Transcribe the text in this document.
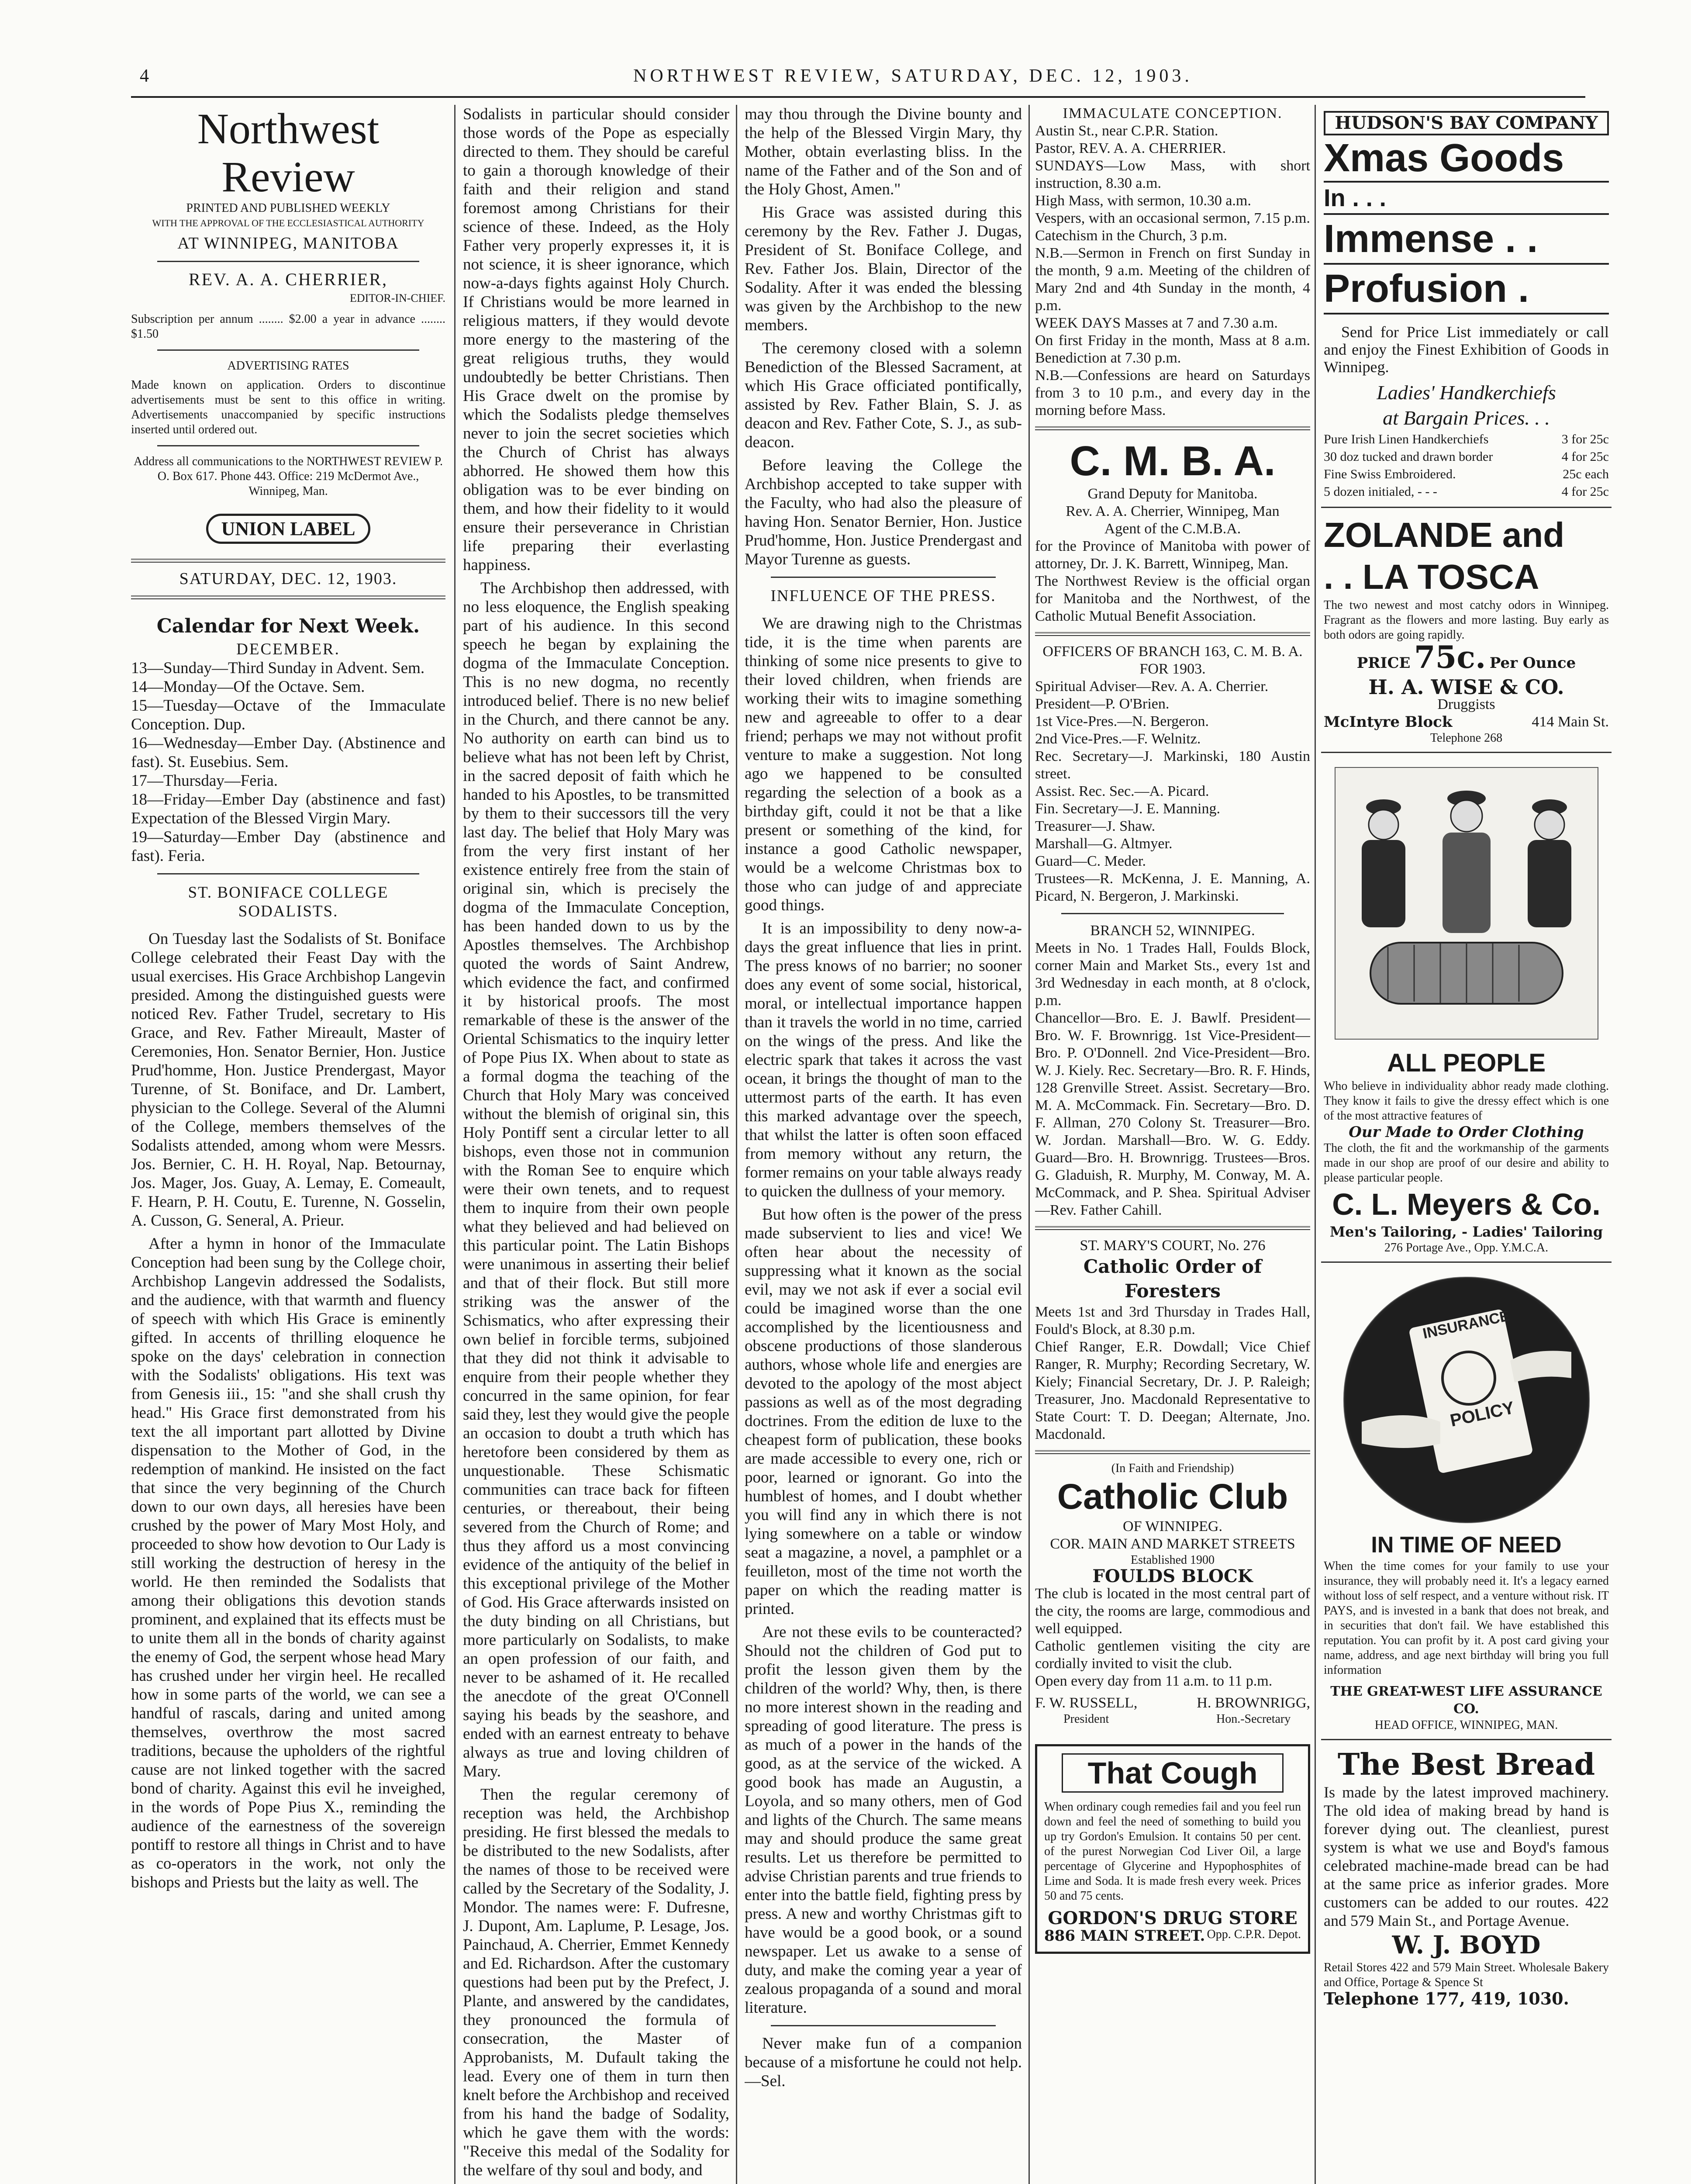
4	NORTHWEST REVIEW, SATURDAY, DEC. 12, 1903.
Northwest Review
PRINTED AND PUBLISHED WEEKLY
WITH THE APPROVAL OF THE ECCLESIASTICAL AUTHORITY
AT WINNIPEG, MANITOBA
REV. A. A. CHERRIER,
EDITOR-IN-CHIEF.
Subscription per annum ........ $2.00 a year in advance ........ $1.50
ADVERTISING RATES
Made known on application. Orders to discontinue advertisements must be sent to this office in writing. Advertisements unaccompanied by specific instructions inserted until ordered out.
Address all communications to the NORTHWEST REVIEW P. O. Box 617. Phone 443. Office: 219 McDermot Ave., Winnipeg, Man.
UNION LABEL
SATURDAY, DEC. 12, 1903.
Calendar for Next Week.
DECEMBER.
13—Sunday—Third Sunday in Advent. Sem.
14—Monday—Of the Octave. Sem.
15—Tuesday—Octave of the Immaculate Conception. Dup.
16—Wednesday—Ember Day. (Abstinence and fast). St. Eusebius. Sem.
17—Thursday—Feria.
18—Friday—Ember Day (abstinence and fast) Expectation of the Blessed Virgin Mary.
19—Saturday—Ember Day (abstinence and fast). Feria.
ST. BONIFACE COLLEGE SODALISTS.

On Tuesday last the Sodalists of St. Boniface College celebrated their Feast Day with the usual exercises. His Grace Archbishop Langevin presided. Among the distinguished guests were noticed Rev. Father Trudel, secretary to His Grace, and Rev. Father Mireault, Master of Ceremonies, Hon. Senator Bernier, Hon. Justice Prud'homme, Hon. Justice Prendergast, Mayor Turenne, of St. Boniface, and Dr. Lambert, physician to the College. Several of the Alumni of the College, members themselves of the Sodalists attended, among whom were Messrs. Jos. Bernier, C. H. H. Royal, Nap. Betournay, Jos. Mager, Jos. Guay, A. Lemay, E. Comeault, F. Hearn, P. H. Coutu, E. Turenne, N. Gosselin, A. Cusson, G. Seneral, A. Prieur.

After a hymn in honor of the Immaculate Conception had been sung by the College choir, Archbishop Langevin addressed the Sodalists, and the audience, with that warmth and fluency of speech with which His Grace is eminently gifted. In accents of thrilling eloquence he spoke on the days' celebration in connection with the Sodalists' obligations. His text was from Genesis iii., 15: "and she shall crush thy head." His Grace first demonstrated from his text the all important part allotted by Divine dispensation to the Mother of God, in the redemption of mankind. He insisted on the fact that since the very beginning of the Church down to our own days, all heresies have been crushed by the power of Mary Most Holy, and proceeded to show how devotion to Our Lady is still working the destruction of heresy in the world. He then reminded the Sodalists that among their obligations this devotion stands prominent, and explained that its effects must be to unite them all in the bonds of charity against the enemy of God, the serpent whose head Mary has crushed under her virgin heel. He recalled how in some parts of the world, we can see a handful of rascals, daring and united among themselves, overthrow the most sacred traditions, because the upholders of the rightful cause are not linked together with the sacred bond of charity. Against this evil he inveighed, in the words of Pope Pius X., reminding the audience of the earnestness of the sovereign pontiff to restore all things in Christ and to have as co-operators in the work, not only the bishops and Priests but the laity as well. The

Sodalists in particular should consider those words of the Pope as especially directed to them. They should be careful to gain a thorough knowledge of their faith and their religion and stand foremost among Christians for their science of these. Indeed, as the Holy Father very properly expresses it, it is not science, it is sheer ignorance, which now-a-days fights against Holy Church. If Christians would be more learned in religious matters, if they would devote more energy to the mastering of the great religious truths, they would undoubtedly be better Christians. Then His Grace dwelt on the promise by which the Sodalists pledge themselves never to join the secret societies which the Church of Christ has always abhorred. He showed them how this obligation was to be ever binding on them, and how their fidelity to it would ensure their perseverance in Christian life preparing their everlasting happiness.

The Archbishop then addressed, with no less eloquence, the English speaking part of his audience. In this second speech he began by explaining the dogma of the Immaculate Conception. This is no new dogma, no recently introduced belief. There is no new belief in the Church, and there cannot be any. No authority on earth can bind us to believe what has not been left by Christ, in the sacred deposit of faith which he handed to his Apostles, to be transmitted by them to their successors till the very last day. The belief that Holy Mary was from the very first instant of her existence entirely free from the stain of original sin, which is precisely the dogma of the Immaculate Conception, has been handed down to us by the Apostles themselves. The Archbishop quoted the words of Saint Andrew, which evidence the fact, and confirmed it by historical proofs. The most remarkable of these is the answer of the Oriental Schismatics to the inquiry letter of Pope Pius IX. When about to state as a formal dogma the teaching of the Church that Holy Mary was conceived without the blemish of original sin, this Holy Pontiff sent a circular letter to all bishops, even those not in communion with the Roman See to enquire which were their own tenets, and to request them to inquire from their own people what they believed and had believed on this particular point. The Latin Bishops were unanimous in asserting their belief and that of their flock. But still more striking was the answer of the Schismatics, who after expressing their own belief in forcible terms, subjoined that they did not think it advisable to enquire from their people whether they concurred in the same opinion, for fear said they, lest they would give the people an occasion to doubt a truth which has heretofore been considered by them as unquestionable. These Schismatic communities can trace back for fifteen centuries, or thereabout, their being severed from the Church of Rome; and thus they afford us a most convincing evidence of the antiquity of the belief in this exceptional privilege of the Mother of God. His Grace afterwards insisted on the duty binding on all Christians, but more particularly on Sodalists, to make an open profession of our faith, and never to be ashamed of it. He recalled the anecdote of the great O'Connell saying his beads by the seashore, and ended with an earnest entreaty to behave always as true and loving children of Mary.

Then the regular ceremony of reception was held, the Archbishop presiding. He first blessed the medals to be distributed to the new Sodalists, after the names of those to be received were called by the Secretary of the Sodality, J. Mondor. The names were: F. Dufresne, J. Dupont, Am. Laplume, P. Lesage, Jos. Painchaud, A. Cherrier, Emmet Kennedy and Ed. Richardson. After the customary questions had been put by the Prefect, J. Plante, and answered by the candidates, they pronounced the formula of consecration, the Master of Approbanists, M. Dufault taking the lead. Every one of them in turn then knelt before the Archbishop and received from his hand the badge of Sodality, which he gave them with the words: "Receive this medal of the Sodality for the welfare of thy soul and body, and

may thou through the Divine bounty and the help of the Blessed Virgin Mary, thy Mother, obtain everlasting bliss. In the name of the Father and of the Son and of the Holy Ghost, Amen."

His Grace was assisted during this ceremony by the Rev. Father J. Dugas, President of St. Boniface College, and Rev. Father Jos. Blain, Director of the Sodality. After it was ended the blessing was given by the Archbishop to the new members.

The ceremony closed with a solemn Benediction of the Blessed Sacrament, at which His Grace officiated pontifically, assisted by Rev. Father Blain, S. J. as deacon and Rev. Father Cote, S. J., as sub-deacon.

Before leaving the College the Archbishop accepted to take supper with the Faculty, who had also the pleasure of having Hon. Senator Bernier, Hon. Justice Prud'homme, Hon. Justice Prendergast and Mayor Turenne as guests.

INFLUENCE OF THE PRESS.

We are drawing nigh to the Christmas tide, it is the time when parents are thinking of some nice presents to give to their loved children, when friends are working their wits to imagine something new and agreeable to offer to a dear friend; perhaps we may not without profit venture to make a suggestion. Not long ago we happened to be consulted regarding the selection of a book as a birthday gift, could it not be that a like present or something of the kind, for instance a good Catholic newspaper, would be a welcome Christmas box to those who can judge of and appreciate good things.

It is an impossibility to deny now-a-days the great influence that lies in print. The press knows of no barrier; no sooner does any event of some social, historical, moral, or intellectual importance happen than it travels the world in no time, carried on the wings of the press. And like the electric spark that takes it across the vast ocean, it brings the thought of man to the uttermost parts of the earth. It has even this marked advantage over the speech, that whilst the latter is often soon effaced from memory without any return, the former remains on your table always ready to quicken the dullness of your memory.

But how often is the power of the press made subservient to lies and vice! We often hear about the necessity of suppressing what it known as the social evil, may we not ask if ever a social evil could be imagined worse than the one accomplished by the licentiousness and obscene productions of those slanderous authors, whose whole life and energies are devoted to the apology of the most abject passions as well as of the most degrading doctrines. From the edition de luxe to the cheapest form of publication, these books are made accessible to every one, rich or poor, learned or ignorant. Go into the humblest of homes, and I doubt whether you will find any in which there is not lying somewhere on a table or window seat a magazine, a novel, a pamphlet or a feuilleton, most of the time not worth the paper on which the reading matter is printed.

Are not these evils to be counteracted? Should not the children of God put to profit the lesson given them by the children of the world? Why, then, is there no more interest shown in the reading and spreading of good literature. The press is as much of a power in the hands of the good, as at the service of the wicked. A good book has made an Augustin, a Loyola, and so many others, men of God and lights of the Church. The same means may and should produce the same great results. Let us therefore be permitted to advise Christian parents and true friends to enter into the battle field, fighting press by press. A new and worthy Christmas gift to have would be a good book, or a sound newspaper. Let us awake to a sense of duty, and make the coming year a year of zealous propaganda of a sound and moral literature.

Never make fun of a companion because of a misfortune he could not help.—Sel.

IMMACULATE CONCEPTION.
Austin St., near C.P.R. Station.
Pastor, REV. A. A. CHERRIER.
SUNDAYS—Low Mass, with short instruction, 8.30 a.m.
High Mass, with sermon, 10.30 a.m.
Vespers, with an occasional sermon, 7.15 p.m.
Catechism in the Church, 3 p.m.
N.B.—Sermon in French on first Sunday in the month, 9 a.m. Meeting of the children of Mary 2nd and 4th Sunday in the month, 4 p.m.
WEEK DAYS Masses at 7 and 7.30 a.m.
On first Friday in the month, Mass at 8 a.m. Benediction at 7.30 p.m.
N.B.—Confessions are heard on Saturdays from 3 to 10 p.m., and every day in the morning before Mass.
C. M. B. A.
Grand Deputy for Manitoba.
Rev. A. A. Cherrier, Winnipeg, Man
Agent of the C.M.B.A.
for the Province of Manitoba with power of attorney, Dr. J. K. Barrett, Winnipeg, Man.
The Northwest Review is the official organ for Manitoba and the Northwest, of the Catholic Mutual Benefit Association.
OFFICERS OF BRANCH 163, C. M. B. A. FOR 1903.
Spiritual Adviser—Rev. A. A. Cherrier.
President—P. O'Brien.
1st Vice-Pres.—N. Bergeron.
2nd Vice-Pres.—F. Welnitz.
Rec. Secretary—J. Markinski, 180 Austin street.
Assist. Rec. Sec.—A. Picard.
Fin. Secretary—J. E. Manning.
Treasurer—J. Shaw.
Marshall—G. Altmyer.
Guard—C. Meder.
Trustees—R. McKenna, J. E. Manning, A. Picard, N. Bergeron, J. Markinski.
BRANCH 52, WINNIPEG.
Meets in No. 1 Trades Hall, Foulds Block, corner Main and Market Sts., every 1st and 3rd Wednesday in each month, at 8 o'clock, p.m.
Chancellor—Bro. E. J. Bawlf. President—Bro. W. F. Brownrigg. 1st Vice-President—Bro. P. O'Donnell. 2nd Vice-President—Bro. W. J. Kiely. Rec. Secretary—Bro. R. F. Hinds, 128 Grenville Street. Assist. Secretary—Bro. M. A. McCommack. Fin. Secretary—Bro. D. F. Allman, 270 Colony St. Treasurer—Bro. W. Jordan. Marshall—Bro. W. G. Eddy. Guard—Bro. H. Brownrigg. Trustees—Bros. G. Gladuish, R. Murphy, M. Conway, M. A. McCommack, and P. Shea. Spiritual Adviser—Rev. Father Cahill.
ST. MARY'S COURT, No. 276
Catholic Order of Foresters
Meets 1st and 3rd Thursday in Trades Hall, Fould's Block, at 8.30 p.m.
Chief Ranger, E.R. Dowdall; Vice Chief Ranger, R. Murphy; Recording Secretary, W. Kiely; Financial Secretary, Dr. J. P. Raleigh; Treasurer, Jno. Macdonald Representative to State Court: T. D. Deegan; Alternate, Jno. Macdonald.
(In Faith and Friendship)
Catholic Club
OF WINNIPEG.
COR. MAIN AND MARKET STREETS
Established 1900
FOULDS BLOCK
The club is located in the most central part of the city, the rooms are large, commodious and well equipped.
Catholic gentlemen visiting the city are cordially invited to visit the club.
Open every day from 11 a.m. to 11 p.m.
F. W. RUSSELL,
President
H. BROWNRIGG,
Hon.-Secretary
That Cough
When ordinary cough remedies fail and you feel run down and feel the need of something to build you up try Gordon's Emulsion. It contains 50 per cent. of the purest Norwegian Cod Liver Oil, a large percentage of Glycerine and Hypophosphites of Lime and Soda. It is made fresh every week. Prices 50 and 75 cents.
GORDON'S DRUG STORE
886 MAIN STREET. Opp. C.P.R. Depot.
HUDSON'S BAY COMPANY
Xmas Goods
In . . .
Immense . .
Profusion .

Send for Price List immediately or call and enjoy the Finest Exhibition of Goods in Winnipeg.

Ladies' Handkerchiefs
at Bargain Prices. . .
Pure Irish Linen Handkerchiefs	3 for 25c
30 doz tucked and drawn border	4 for 25c
Fine Swiss Embroidered.	25c each
5 dozen initialed, - - -	4 for 25c
ZOLANDE and
. . LA TOSCA
The two newest and most catchy odors in Winnipeg. Fragrant as the flowers and more lasting. Buy early as both odors are going rapidly.
PRICE 75c. Per Ounce
H. A. WISE & CO.
Druggists
McIntyre Block	414 Main St.
Telephone 268
ALL PEOPLE
Who believe in individuality abhor ready made clothing. They know it fails to give the dressy effect which is one of the most attractive features of
Our Made to Order Clothing
The cloth, the fit and the workmanship of the garments made in our shop are proof of our desire and ability to please particular people.
C. L. Meyers & Co.
Men's Tailoring, - Ladies' Tailoring
276 Portage Ave., Opp. Y.M.C.A.
INSURANCE
POLICY
IN TIME OF NEED
When the time comes for your family to use your insurance, they will probably need it. It's a legacy earned without loss of self respect, and a venture without risk. IT PAYS, and is invested in a bank that does not break, and in securities that don't fail. We have established this reputation. You can profit by it. A post card giving your name, address, and age next birthday will bring you full information
THE GREAT-WEST LIFE ASSURANCE CO.
HEAD OFFICE, WINNIPEG, MAN.
The Best Bread
Is made by the latest improved machinery. The old idea of making bread by hand is forever dying out. The cleanliest, purest system is what we use and Boyd's famous celebrated machine-made bread can be had at the same price as inferior grades. More customers can be added to our routes. 422 and 579 Main St., and Portage Avenue.
W. J. BOYD
Retail Stores 422 and 579 Main Street. Wholesale Bakery and Office, Portage & Spence St
Telephone 177, 419, 1030.
